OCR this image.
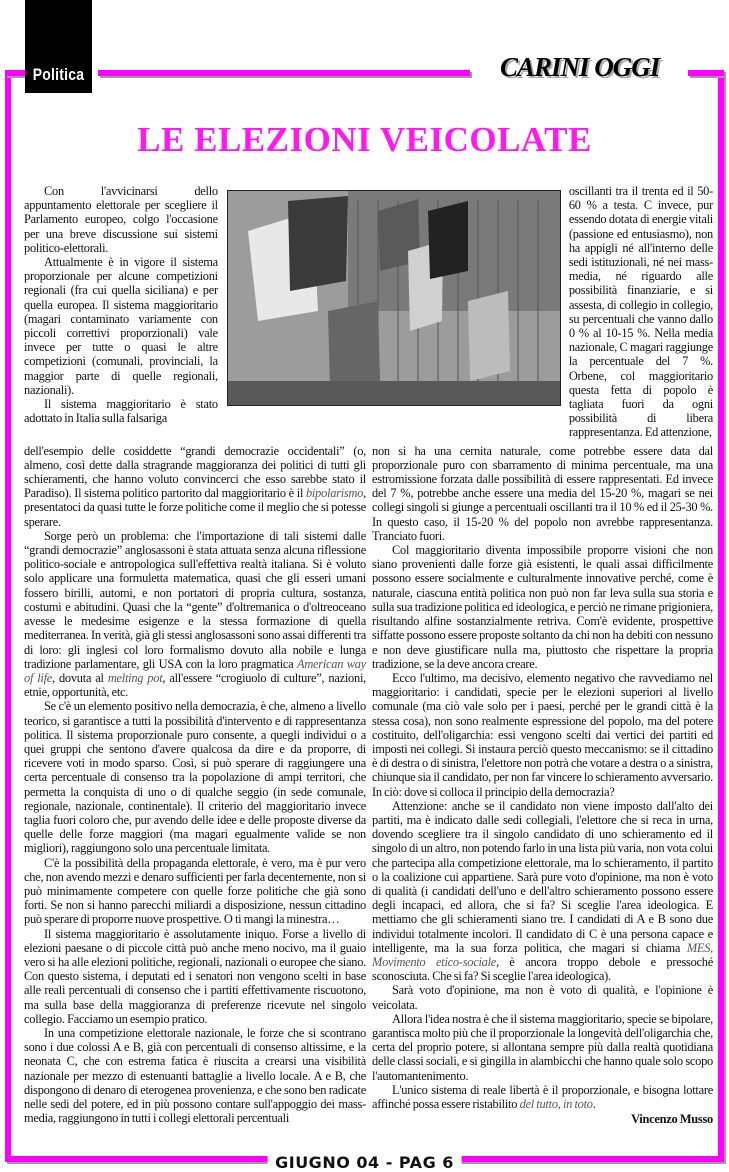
GIUGNO 04 - PAG 6
Politica	CARINI OGGI
LE ELEZIONI VEICOLATE

Con l'avvicinarsi dello appuntamento elettorale per scegliere il Parlamento europeo, colgo l'occasione per una breve discussione sui sistemi politico-elettorali.

Attualmente è in vigore il sistema proporzionale per alcune competizioni regionali (fra cui quella siciliana) e per quella europea. Il sistema maggioritario (magari contaminato variamente con piccoli correttivi proporzionali) vale invece per tutte o quasi le altre competizioni (comunali, provinciali, la maggior parte di quelle regionali, nazionali).

Il sistema maggioritario è stato adottato in Italia sulla falsariga

oscillanti tra il trenta ed il 50-60 % a testa. C invece, pur essendo dotata di energie vitali (passione ed entusiasmo), non ha appigli né all'interno delle sedi istituzionali, né nei mass-media, né riguardo alle possibilità finanziarie, e si assesta, di collegio in collegio, su percentuali che vanno dallo 0 % al 10-15 %. Nella media nazionale, C magari raggiunge la percentuale del 7 %. Orbene, col maggioritario questa fetta di popolo è tagliata fuori da ogni possibilità di libera rappresentanza. Ed attenzione,

dell'esempio delle cosiddette “grandi democrazie occidentali” (o, almeno, così dette dalla stragrande maggioranza dei politici di tutti gli schieramenti, che hanno voluto convincerci che esso sarebbe stato il Paradiso). Il sistema politico partorito dal maggioritario è il bipolarismo, presentatoci da quasi tutte le forze politiche come il meglio che si potesse sperare.

Sorge però un problema: che l'importazione di tali sistemi dalle “grandi democrazie” anglosassoni è stata attuata senza alcuna riflessione politico-sociale e antropologica sull'effettiva realtà italiana. Si è voluto solo applicare una formuletta matematica, quasi che gli esseri umani fossero birilli, automi, e non portatori di propria cultura, sostanza, costumi e abitudini. Quasi che la “gente” d'oltremanica o d'oltreoceano avesse le medesime esigenze e la stessa formazione di quella mediterranea. In verità, già gli stessi anglosassoni sono assai differenti tra di loro: gli inglesi col loro formalismo dovuto alla nobile e lunga tradizione parlamentare, gli USA con la loro pragmatica American way of life, dovuta al melting pot, all'essere “crogiuolo di culture”, nazioni, etnie, opportunità, etc.

Se c'è un elemento positivo nella democrazia, è che, almeno a livello teorico, si garantisce a tutti la possibilità d'intervento e di rappresentanza politica. Il sistema proporzionale puro consente, a quegli individui o a quei gruppi che sentono d'avere qualcosa da dire e da proporre, di ricevere voti in modo sparso. Così, si può sperare di raggiungere una certa percentuale di consenso tra la popolazione di ampi territori, che permetta la conquista di uno o di qualche seggio (in sede comunale, regionale, nazionale, continentale). Il criterio del maggioritario invece taglia fuori coloro che, pur avendo delle idee e delle proposte diverse da quelle delle forze maggiori (ma magari egualmente valide se non migliori), raggiungono solo una percentuale limitata.

C'è la possibilità della propaganda elettorale, è vero, ma è pur vero che, non avendo mezzi e denaro sufficienti per farla decentemente, non si può minimamente competere con quelle forze politiche che già sono forti. Se non si hanno parecchi miliardi a disposizione, nessun cittadino può sperare di proporre nuove prospettive. O ti mangi la minestra…

Il sistema maggioritario è assolutamente iniquo. Forse a livello di elezioni paesane o di piccole città può anche meno nocivo, ma il guaio vero si ha alle elezioni politiche, regionali, nazionali o europee che siano. Con questo sistema, i deputati ed i senatori non vengono scelti in base alle reali percentuali di consenso che i partiti effettivamente riscuotono, ma sulla base della maggioranza di preferenze ricevute nel singolo collegio. Facciamo un esempio pratico.

In una competizione elettorale nazionale, le forze che si scontrano sono i due colossi A e B, già con percentuali di consenso altissime, e la neonata C, che con estrema fatica è riuscita a crearsi una visibilità nazionale per mezzo di estenuanti battaglie a livello locale. A e B, che dispongono di denaro di eterogenea provenienza, e che sono ben radicate nelle sedi del potere, ed in più possono contare sull'appoggio dei mass-media, raggiungono in tutti i collegi elettorali percentuali

non si ha una cernita naturale, come potrebbe essere data dal proporzionale puro con sbarramento di minima percentuale, ma una estromissione forzata dalle possibilità di essere rappresentati. Ed invece del 7 %, potrebbe anche essere una media del 15-20 %, magari se nei collegi singoli si giunge a percentuali oscillanti tra il 10 % ed il 25-30 %. In questo caso, il 15-20 % del popolo non avrebbe rappresentanza. Tranciato fuori.

Col maggioritario diventa impossibile proporre visioni che non siano provenienti dalle forze già esistenti, le quali assai difficilmente possono essere socialmente e culturalmente innovative perché, come è naturale, ciascuna entità politica non può non far leva sulla sua storia e sulla sua tradizione politica ed ideologica, e perciò ne rimane prigioniera, risultando alfine sostanzialmente retriva. Com'è evidente, prospettive siffatte possono essere proposte soltanto da chi non ha debiti con nessuno e non deve giustificare nulla ma, piuttosto che rispettare la propria tradizione, se la deve ancora creare.

Ecco l'ultimo, ma decisivo, elemento negativo che ravvediamo nel maggioritario: i candidati, specie per le elezioni superiori al livello comunale (ma ciò vale solo per i paesi, perché per le grandi città è la stessa cosa), non sono realmente espressione del popolo, ma del potere costituito, dell'oligarchia: essi vengono scelti dai vertici dei partiti ed imposti nei collegi. Si instaura perciò questo meccanismo: se il cittadino è di destra o di sinistra, l'elettore non potrà che votare a destra o a sinistra, chiunque sia il candidato, per non far vincere lo schieramento avversario. In ciò: dove si colloca il principio della democrazia?

Attenzione: anche se il candidato non viene imposto dall'alto dei partiti, ma è indicato dalle sedi collegiali, l'elettore che si reca in urna, dovendo scegliere tra il singolo candidato di uno schieramento ed il singolo di un altro, non potendo farlo in una lista più varia, non vota colui che partecipa alla competizione elettorale, ma lo schieramento, il partito o la coalizione cui appartiene. Sarà pure voto d'opinione, ma non è voto di qualità (i candidati dell'uno e dell'altro schieramento possono essere degli incapaci, ed allora, che si fa? Si sceglie l'area ideologica. E mettiamo che gli schieramenti siano tre. I candidati di A e B sono due individui totalmente incolori. Il candidato di C è una persona capace e intelligente, ma la sua forza politica, che magari si chiama MES, Movimento etico-sociale, è ancora troppo debole e pressoché sconosciuta. Che si fa? Si sceglie l'area ideologica).

Sarà voto d'opinione, ma non è voto di qualità, e l'opinione è veicolata.

Allora l'idea nostra è che il sistema maggioritario, specie se bipolare, garantisca molto più che il proporzionale la longevità dell'oligarchia che, certa del proprio potere, si allontana sempre più dalla realtà quotidiana delle classi sociali, e si gingilla in alambicchi che hanno quale solo scopo l'automantenimento.

L'unico sistema di reale libertà è il proporzionale, e bisogna lottare affinché possa essere ristabilito del tutto, in toto.

Vincenzo Musso
